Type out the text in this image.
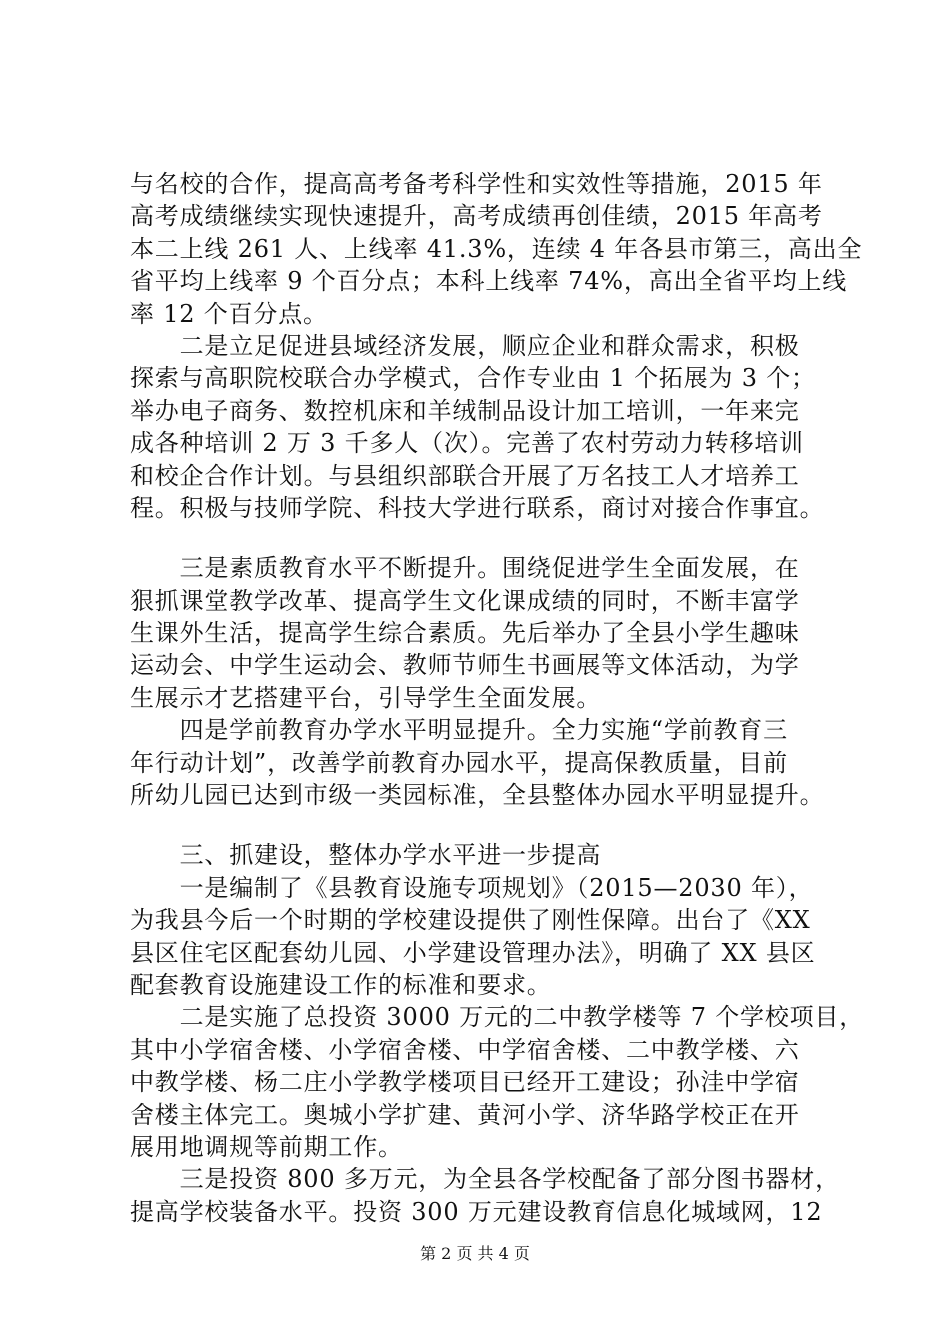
与名校的合作，提高高考备考科学性和实效性等措施，2015 年
高考成绩继续实现快速提升，高考成绩再创佳绩，2015 年高考
本二上线 261 人、上线率 41.3%，连续 4 年各县市第三，高出全
省平均上线率 9 个百分点；本科上线率 74%，高出全省平均上线
率 12 个百分点。
　　二是立足促进县域经济发展，顺应企业和群众需求，积极
探索与高职院校联合办学模式，合作专业由 1 个拓展为 3 个；
举办电子商务、数控机床和羊绒制品设计加工培训，一年来完
成各种培训 2 万 3 千多人（次）。完善了农村劳动力转移培训
和校企合作计划。与县组织部联合开展了万名技工人才培养工
程。积极与技师学院、科技大学进行联系，商讨对接合作事宜。
　　三是素质教育水平不断提升。围绕促进学生全面发展，在
狠抓课堂教学改革、提高学生文化课成绩的同时，不断丰富学
生课外生活，提高学生综合素质。先后举办了全县小学生趣味
运动会、中学生运动会、教师节师生书画展等文体活动，为学
生展示才艺搭建平台，引导学生全面发展。
　　四是学前教育办学水平明显提升。全力实施“学前教育三
年行动计划”，改善学前教育办园水平，提高保教质量，目前
所幼儿园已达到市级一类园标准，全县整体办园水平明显提升。
　　三、抓建设，整体办学水平进一步提高
　　一是编制了《县教育设施专项规划》（2015—2030 年），
为我县今后一个时期的学校建设提供了刚性保障。出台了《XX
县区住宅区配套幼儿园、小学建设管理办法》，明确了 XX 县区
配套教育设施建设工作的标准和要求。
　　二是实施了总投资 3000 万元的二中教学楼等 7 个学校项目，
其中小学宿舍楼、小学宿舍楼、中学宿舍楼、二中教学楼、六
中教学楼、杨二庄小学教学楼项目已经开工建设；孙洼中学宿
舍楼主体完工。奥城小学扩建、黄河小学、济华路学校正在开
展用地调规等前期工作。
　　三是投资 800 多万元，为全县各学校配备了部分图书器材，
提高学校装备水平。投资 300 万元建设教育信息化城域网，12
第 2 页 共 4 页
